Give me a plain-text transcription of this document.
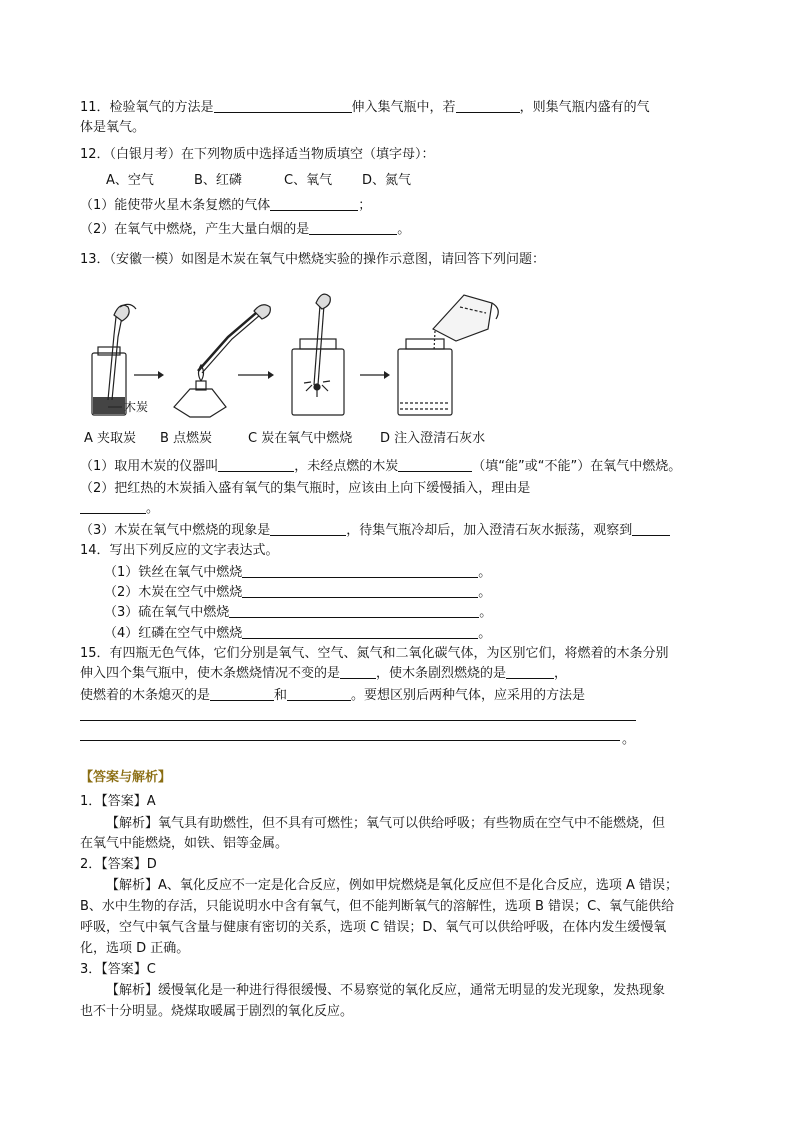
11．检验氧气的方法是	伸入集气瓶中，若	，则集气瓶内盛有的气
体是氧气。
12．（白银月考）在下列物质中选择适当物质填空（填字母）：
A、空气	B、红磷	C、氧气 D、氮气
（1）能使带火星木条复燃的气体	；
（2）在氧气中燃烧，产生大量白烟的是	。
13．（安徽一模）如图是木炭在氧气中燃烧实验的操作示意图，请回答下列问题：
木炭
A 夹取炭 B 点燃炭	C 炭在氧气中燃烧 D 注入澄清石灰水
（1）取用木炭的仪器叫	，未经点燃的木炭	（填“能”或“不能”）在氧气中燃烧。
（2）把红热的木炭插入盛有氧气的集气瓶时，应该由上向下缓慢插入，理由是
。
（3）木炭在氧气中燃烧的现象是	，待集气瓶冷却后，加入澄清石灰水振荡，观察到
14．写出下列反应的文字表达式。
（1）铁丝在氧气中燃烧	。
（2）木炭在空气中燃烧	。
（3）硫在氧气中燃烧	。
（4）红磷在空气中燃烧	。
15．有四瓶无色气体，它们分别是氧气、空气、氮气和二氧化碳气体，为区别它们，将燃着的木条分别
伸入四个集气瓶中，使木条燃烧情况不变的是	，使木条剧烈燃烧的是	，
使燃着的木条熄灭的是	和	。要想区别后两种气体，应采用的方法是
。
【答案与解析】
1．【答案】A
【解析】氧气具有助燃性，但不具有可燃性；氧气可以供给呼吸；有些物质在空气中不能燃烧，但
在氧气中能燃烧，如铁、铝等金属。
2．【答案】D
【解析】A、氧化反应不一定是化合反应，例如甲烷燃烧是氧化反应但不是化合反应，选项 A 错误；
B、水中生物的存活，只能说明水中含有氧气，但不能判断氧气的溶解性，选项 B 错误；C、氧气能供给
呼吸，空气中氧气含量与健康有密切的关系，选项 C 错误；D、氧气可以供给呼吸，在体内发生缓慢氧
化，选项 D 正确。
3．【答案】C
【解析】缓慢氧化是一种进行得很缓慢、不易察觉的氧化反应，通常无明显的发光现象，发热现象
也不十分明显。烧煤取暖属于剧烈的氧化反应。
